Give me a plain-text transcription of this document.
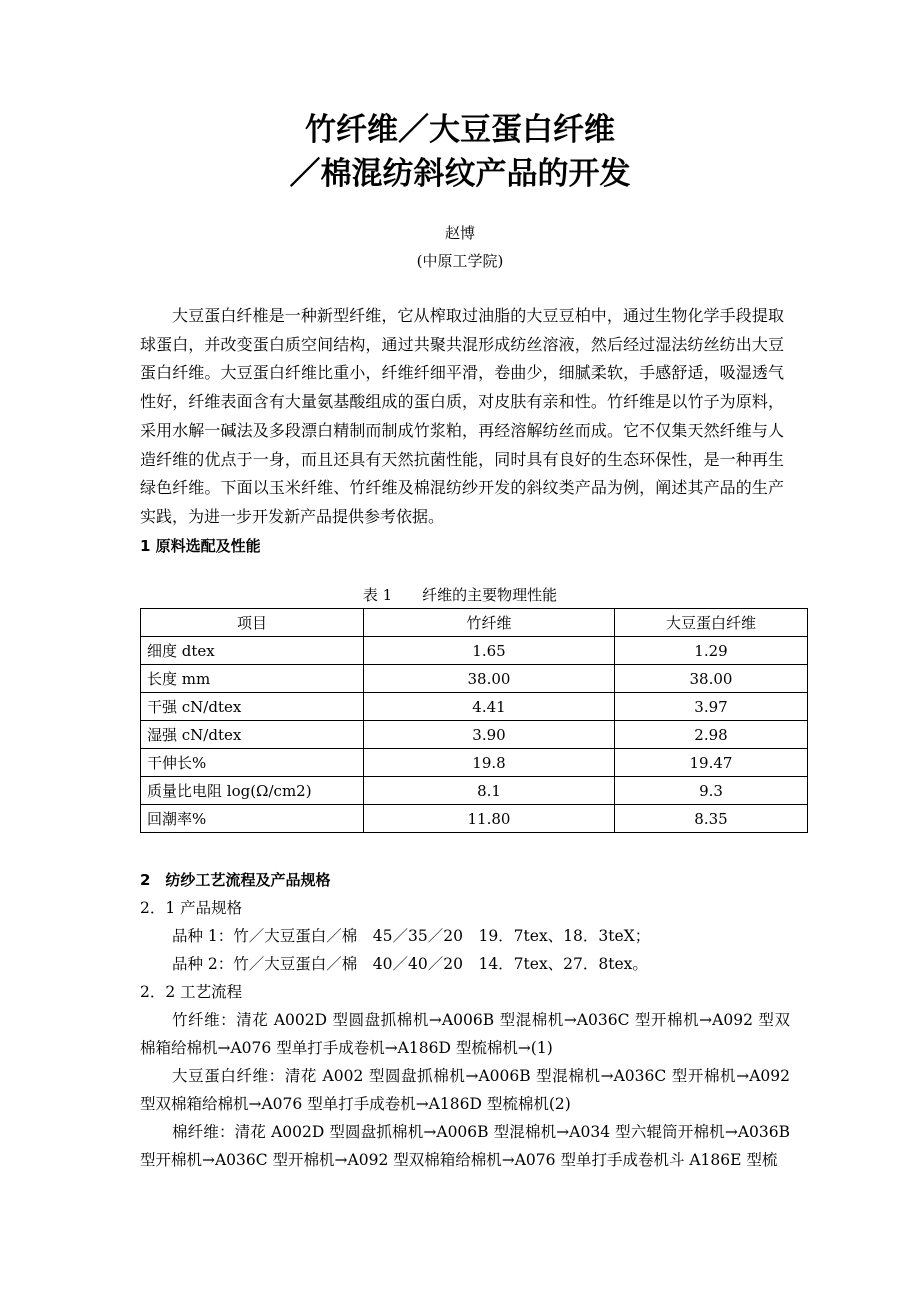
竹纤维／大豆蛋白纤维
／棉混纺斜纹产品的开发
赵博
(中原工学院)

大豆蛋白纤椎是一种新型纤维，它从榨取过油脂的大豆豆柏中，通过生物化学手段提取球蛋白，并改变蛋白质空间结构，通过共聚共混形成纺丝溶液，然后经过湿法纺丝纺出大豆蛋白纤维。大豆蛋白纤维比重小，纤维纤细平滑，卷曲少，细腻柔软，手感舒适，吸湿透气性好，纤维表面含有大量氨基酸组成的蛋白质，对皮肤有亲和性。竹纤维是以竹子为原料，采用水解一碱法及多段漂白精制而制成竹浆粕，再经溶解纺丝而成。它不仅集天然纤维与人造纤维的优点于一身，而且还具有天然抗菌性能，同时具有良好的生态环保性，是一种再生绿色纤维。下面以玉米纤维、竹纤维及棉混纺纱开发的斜纹类产品为例，阐述其产品的生产实践，为进一步开发新产品提供参考依据。

1 原料选配及性能
表 1　　纤维的主要物理性能
项目	竹纤维	大豆蛋白纤维
细度 dtex	1.65	1.29
长度 mm	38.00	38.00
干强 cN/dtex	4.41	3.97
湿强 cN/dtex	3.90	2.98
干伸长%	19.8	19.47
质量比电阻 log(Ω/cm2)	8.1	9.3
回潮率%	11.80	8.35
2　纺纱工艺流程及产品规格
2．1 产品规格
品种 1：竹／大豆蛋白／棉　45／35／20　19．7tex、18．3teX；
品种 2：竹／大豆蛋白／棉　40／40／20　14．7tex、27．8tex。
2．2 工艺流程

竹纤维：清花 A002D 型圆盘抓棉机→A006B 型混棉机→A036C 型开棉机→A092 型双棉箱给棉机→A076 型单打手成卷机→A186D 型梳棉机→(1)

大豆蛋白纤维：清花 A002 型圆盘抓棉机→A006B 型混棉机→A036C 型开棉机→A092 型双棉箱给棉机→A076 型单打手成卷机→A186D 型梳棉机(2)

棉纤维：清花 A002D 型圆盘抓棉机→A006B 型混棉机→A034 型六辊筒开棉机→A036B 型开棉机→A036C 型开棉机→A092 型双棉箱给棉机→A076 型单打手成卷机斗 A186E 型梳
